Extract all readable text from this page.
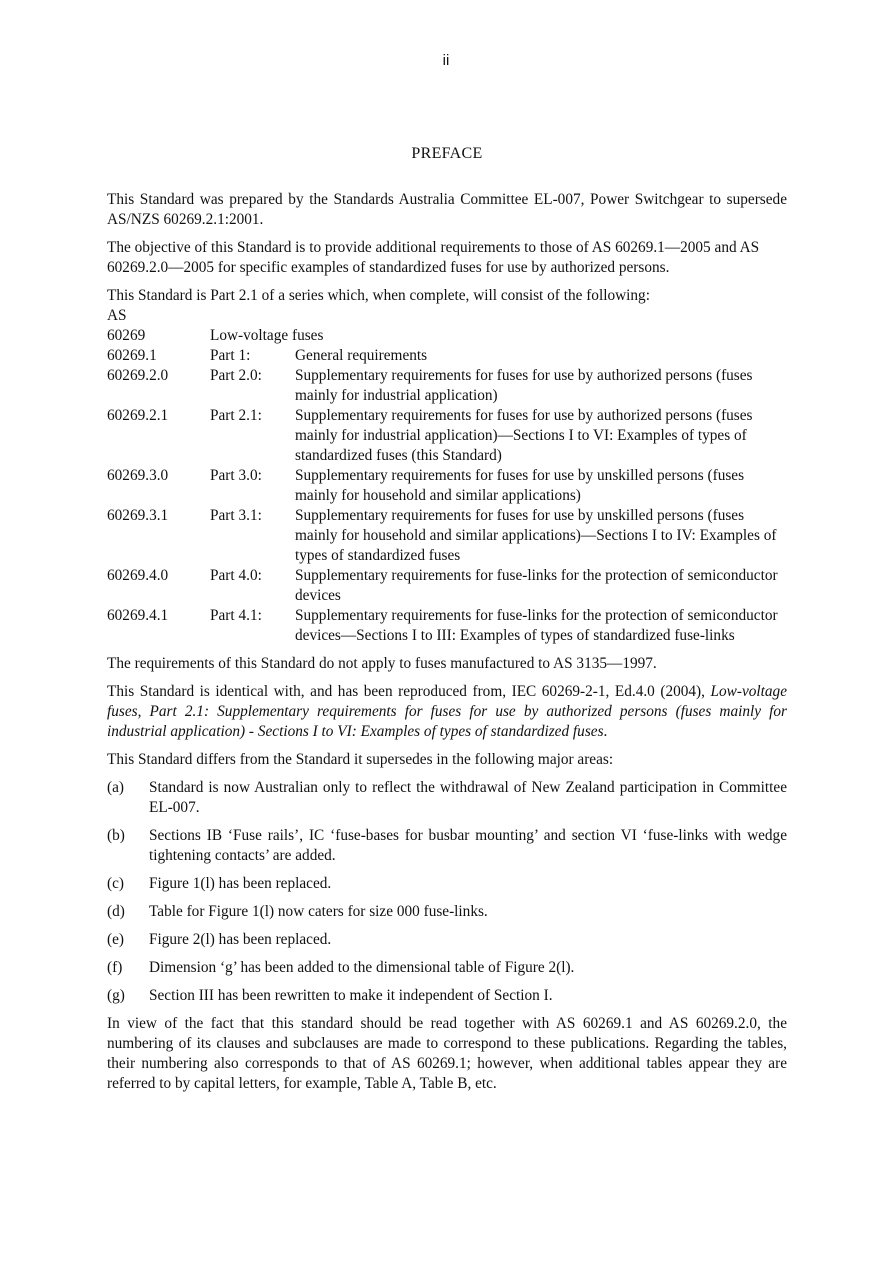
ii
PREFACE

This Standard was prepared by the Standards Australia Committee EL-007, Power Switchgear to supersede AS/NZS 60269.2.1:2001.

The objective of this Standard is to provide additional requirements to those of AS 60269.1—2005 and AS 60269.2.0—2005 for specific examples of standardized fuses for use by authorized persons.

This Standard is Part 2.1 of a series which, when complete, will consist of the following:

AS
60269	Low-voltage fuses
60269.1	Part 1:	General requirements
60269.2.0	Part 2.0:	Supplementary requirements for fuses for use by authorized persons (fuses mainly for industrial application)
60269.2.1	Part 2.1:	Supplementary requirements for fuses for use by authorized persons (fuses mainly for industrial application)—Sections I to VI: Examples of types of standardized fuses (this Standard)
60269.3.0	Part 3.0:	Supplementary requirements for fuses for use by unskilled persons (fuses mainly for household and similar applications)
60269.3.1	Part 3.1:	Supplementary requirements for fuses for use by unskilled persons (fuses mainly for household and similar applications)—Sections I to IV: Examples of types of standardized fuses
60269.4.0	Part 4.0:	Supplementary requirements for fuse-links for the protection of semiconductor devices
60269.4.1	Part 4.1:	Supplementary requirements for fuse-links for the protection of semiconductor devices—Sections I to III: Examples of types of standardized fuse-links

The requirements of this Standard do not apply to fuses manufactured to AS 3135—1997.

This Standard is identical with, and has been reproduced from, IEC 60269-2-1, Ed.4.0 (2004), Low-voltage fuses, Part 2.1: Supplementary requirements for fuses for use by authorized persons (fuses mainly for industrial application) - Sections I to VI: Examples of types of standardized fuses.

This Standard differs from the Standard it supersedes in the following major areas:

(a)	Standard is now Australian only to reflect the withdrawal of New Zealand participation in Committee EL-007.
(b)	Sections IB ‘Fuse rails’, IC ‘fuse-bases for busbar mounting’ and section VI ‘fuse-links with wedge tightening contacts’ are added.
(c)	Figure 1(l) has been replaced.
(d)	Table for Figure 1(l) now caters for size 000 fuse-links.
(e)	Figure 2(l) has been replaced.
(f)	Dimension ‘g’ has been added to the dimensional table of Figure 2(l).
(g)	Section III has been rewritten to make it independent of Section I.

In view of the fact that this standard should be read together with AS 60269.1 and AS 60269.2.0, the numbering of its clauses and subclauses are made to correspond to these publications. Regarding the tables, their numbering also corresponds to that of AS 60269.1; however, when additional tables appear they are referred to by capital letters, for example, Table A, Table B, etc.
